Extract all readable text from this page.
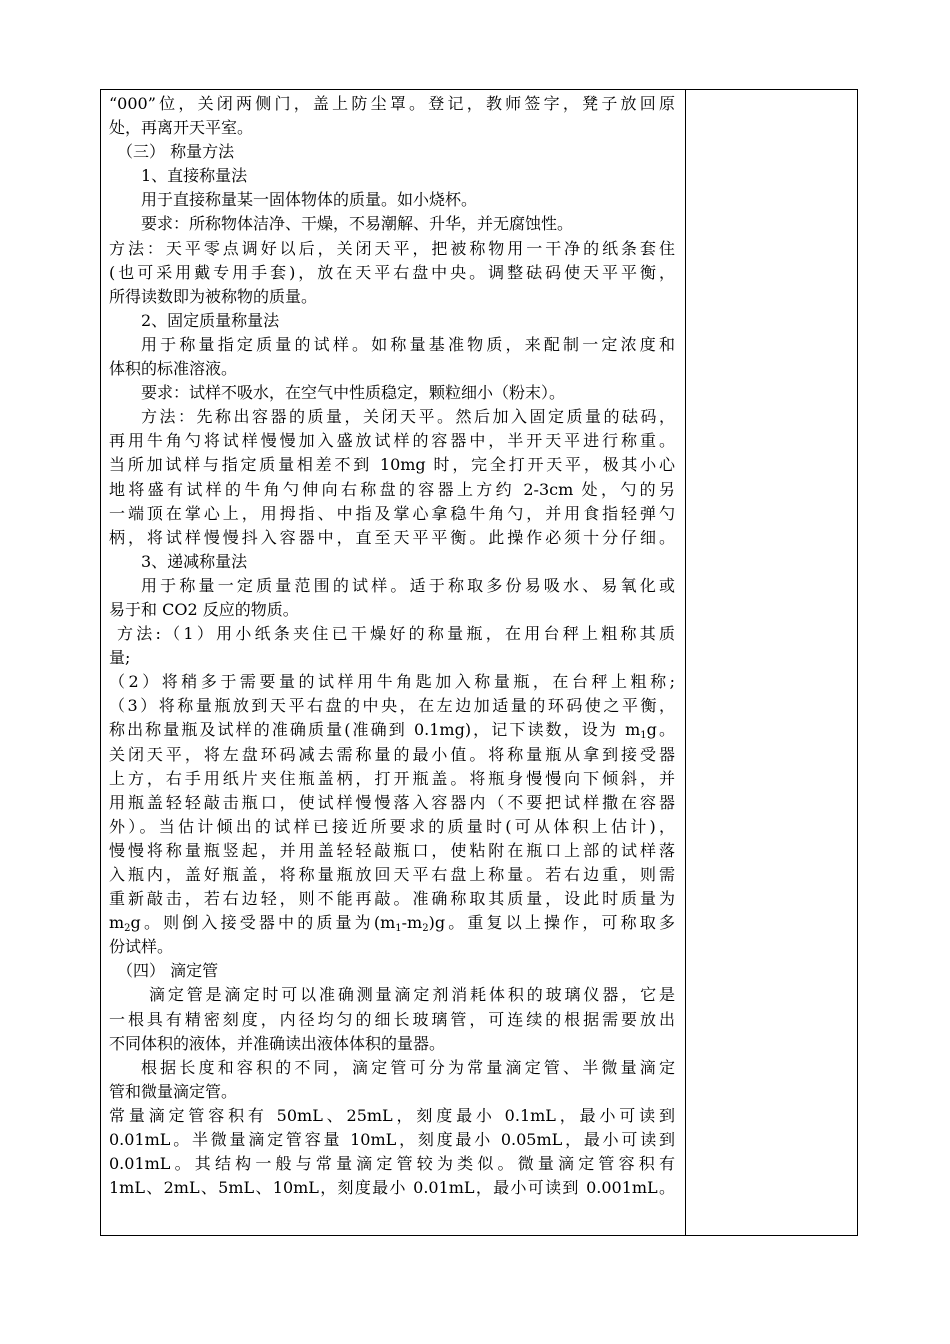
“000”位，关闭两侧门，盖上防尘罩。登记，教师签字，凳子放回原
处，再离开天平室。
（三） 称量方法
1、直接称量法
用于直接称量某一固体物体的质量。如小烧杯。
要求：所称物体洁净、干燥，不易潮解、升华，并无腐蚀性。
方法：天平零点调好以后，关闭天平，把被称物用一干净的纸条套住
(也可采用戴专用手套)，放在天平右盘中央。调整砝码使天平平衡，
所得读数即为被称物的质量。
2、固定质量称量法
用于称量指定质量的试样。如称量基准物质，来配制一定浓度和
体积的标准溶液。
要求：试样不吸水，在空气中性质稳定，颗粒细小（粉末）。
方法：先称出容器的质量，关闭天平。然后加入固定质量的砝码，
再用牛角勺将试样慢慢加入盛放试样的容器中，半开天平进行称重。
当所加试样与指定质量相差不到 10mg 时，完全打开天平，极其小心
地将盛有试样的牛角勺伸向右称盘的容器上方约 2-3cm 处，勺的另
一端顶在掌心上，用拇指、中指及掌心拿稳牛角勺，并用食指轻弹勺
柄，将试样慢慢抖入容器中，直至天平平衡。此操作必须十分仔细。
3、递减称量法
用于称量一定质量范围的试样。适于称取多份易吸水、易氧化或
易于和 CO2 反应的物质。
方法:（1）用小纸条夹住已干燥好的称量瓶，在用台秤上粗称其质
量;
（2）将稍多于需要量的试样用牛角匙加入称量瓶，在台秤上粗称;
（3）将称量瓶放到天平右盘的中央，在左边加适量的环码使之平衡，
称出称量瓶及试样的准确质量(准确到 0.1mg)，记下读数，设为 $m_1g$。
关闭天平，将左盘环码减去需称量的最小值。将称量瓶从拿到接受器
上方，右手用纸片夹住瓶盖柄，打开瓶盖。将瓶身慢慢向下倾斜，并
用瓶盖轻轻敲击瓶口，使试样慢慢落入容器内（不要把试样撒在容器
外）。当估计倾出的试样已接近所要求的质量时(可从体积上估计)，
慢慢将称量瓶竖起，并用盖轻轻敲瓶口，使粘附在瓶口上部的试样落
入瓶内，盖好瓶盖，将称量瓶放回天平右盘上称量。若右边重，则需
重新敲击，若右边轻，则不能再敲。准确称取其质量，设此时质量为
$m_2g$。则倒入接受器中的质量为$(m_1-m_2)g$。重复以上操作，可称取多
份试样。
（四） 滴定管
滴定管是滴定时可以准确测量滴定剂消耗体积的玻璃仪器，它是
一根具有精密刻度，内径均匀的细长玻璃管，可连续的根据需要放出
不同体积的液体，并准确读出液体体积的量器。
根据长度和容积的不同，滴定管可分为常量滴定管、半微量滴定
管和微量滴定管。
常量滴定管容积有 50mL、25mL，刻度最小 0.1mL，最小可读到
0.01mL。半微量滴定管容量 10mL，刻度最小 0.05mL，最小可读到
0.01mL。其结构一般与常量滴定管较为类似。微量滴定管容积有
1mL、2mL、5mL、10mL，刻度最小 0.01mL，最小可读到 0.001mL。
